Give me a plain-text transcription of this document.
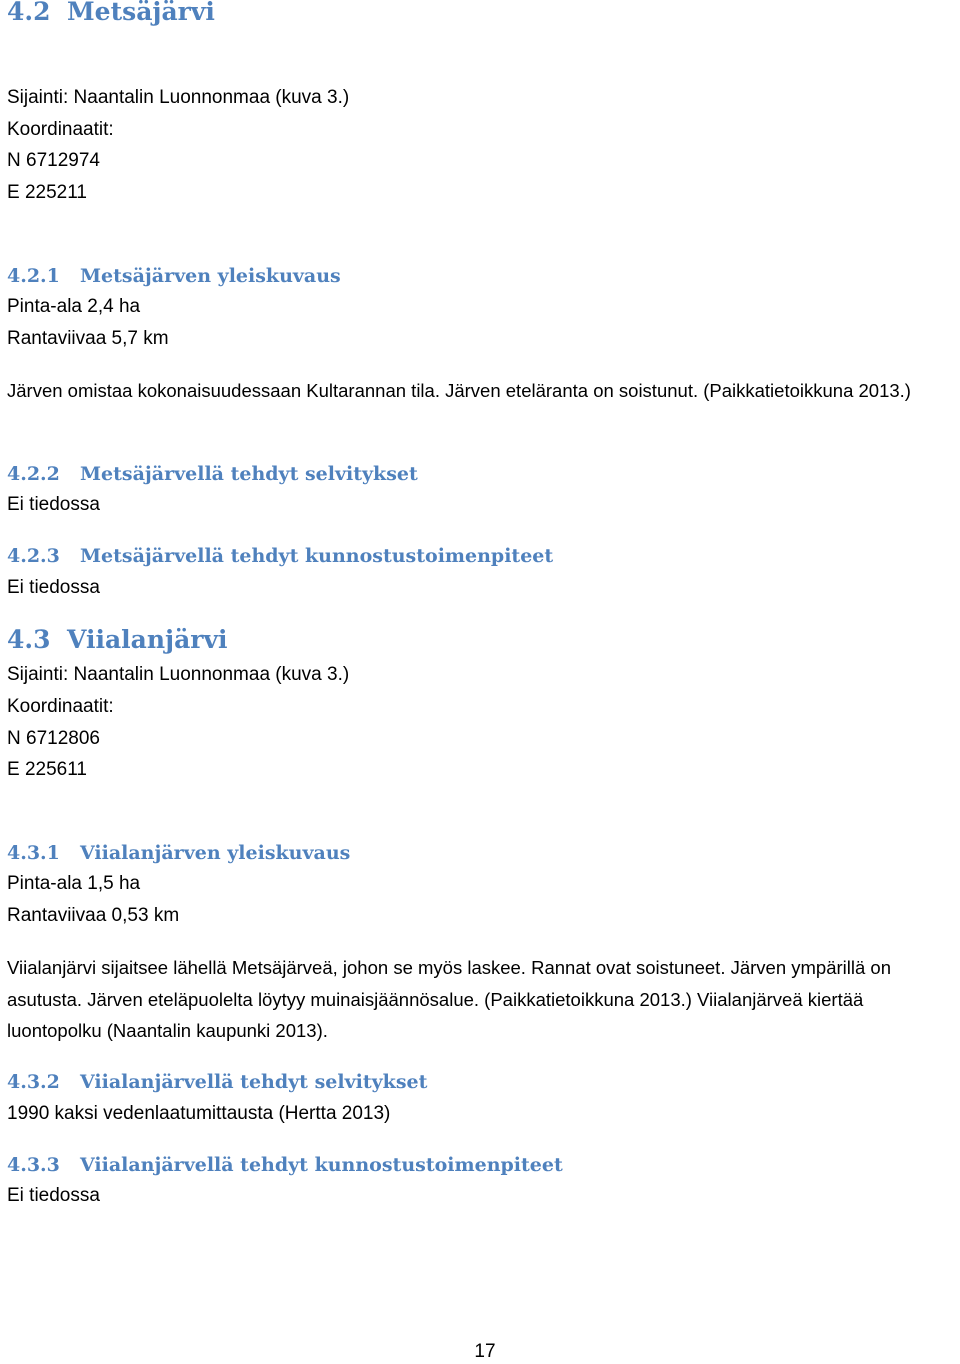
4.2 Metsäjärvi

Sijainti: Naantalin Luonnonmaa (kuva 3.)

Koordinaatit:

N 6712974

E 225211

4.2.1 Metsäjärven yleiskuvaus

Pinta-ala 2,4 ha

Rantaviivaa 5,7 km

Järven omistaa kokonaisuudessaan Kultarannan tila. Järven eteläranta on soistunut. (Paikkatietoikkuna 2013.)

4.2.2 Metsäjärvellä tehdyt selvitykset

Ei tiedossa

4.2.3 Metsäjärvellä tehdyt kunnostustoimenpiteet

Ei tiedossa

4.3 Viialanjärvi

Sijainti: Naantalin Luonnonmaa (kuva 3.)

Koordinaatit:

N 6712806

E 225611

4.3.1 Viialanjärven yleiskuvaus

Pinta-ala 1,5 ha

Rantaviivaa 0,53 km

Viialanjärvi sijaitsee lähellä Metsäjärveä, johon se myös laskee. Rannat ovat soistuneet. Järven ympärillä on asutusta. Järven eteläpuolelta löytyy muinaisjäännösalue. (Paikkatietoikkuna 2013.) Viialanjärveä kiertää luontopolku (Naantalin kaupunki 2013).

4.3.2 Viialanjärvellä tehdyt selvitykset

1990 kaksi vedenlaatumittausta (Hertta 2013)

4.3.3 Viialanjärvellä tehdyt kunnostustoimenpiteet

Ei tiedossa

17
